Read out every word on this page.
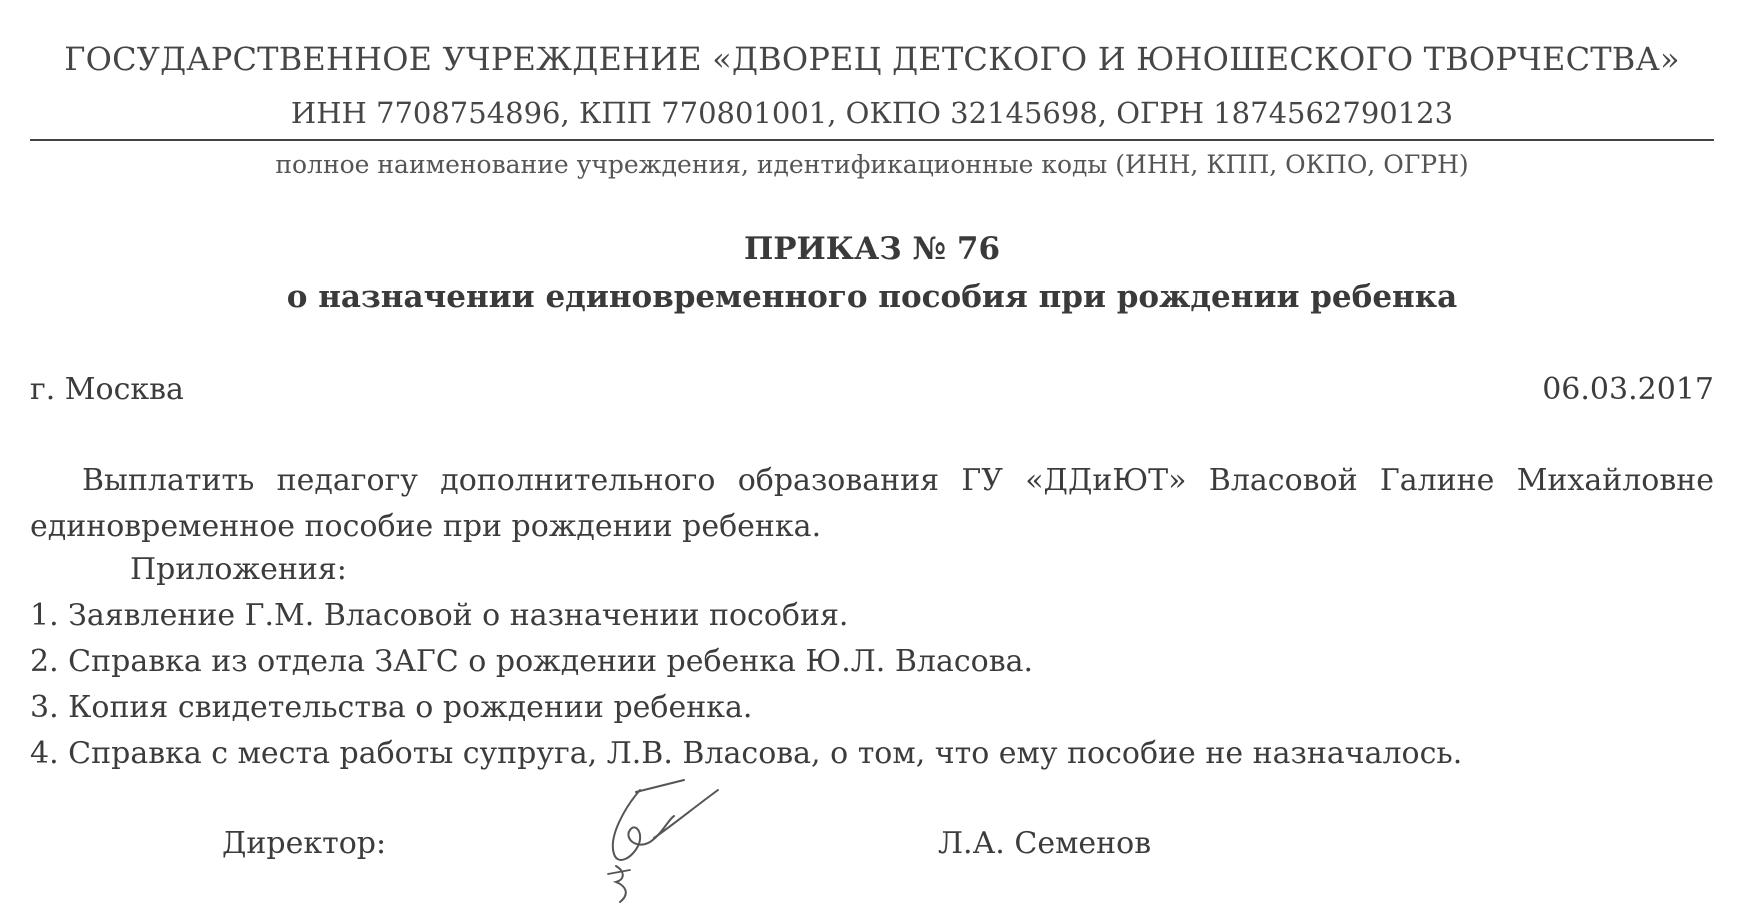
ГОСУДАРСТВЕННОЕ УЧРЕЖДЕНИЕ «ДВОРЕЦ ДЕТСКОГО И ЮНОШЕСКОГО ТВОРЧЕСТВА»
ИНН 7708754896, КПП 770801001, ОКПО 32145698, ОГРН 1874562790123
полное наименование учреждения, идентификационные коды (ИНН, КПП, ОКПО, ОГРН)
ПРИКАЗ № 76
о назначении единовременного пособия при рождении ребенка
г. Москва	06.03.2017
Выплатить педагогу дополнительного образования ГУ «ДДиЮТ» Власовой Галине Михайловне единовременное пособие при рождении ребенка.
Приложения:
1. Заявление Г.М. Власовой о назначении пособия.
2. Справка из отдела ЗАГС о рождении ребенка Ю.Л. Власова.
3. Копия свидетельства о рождении ребенка.
4. Справка с места работы супруга, Л.В. Власова, о том, что ему пособие не назначалось.
Директор:	Л.А. Семенов
